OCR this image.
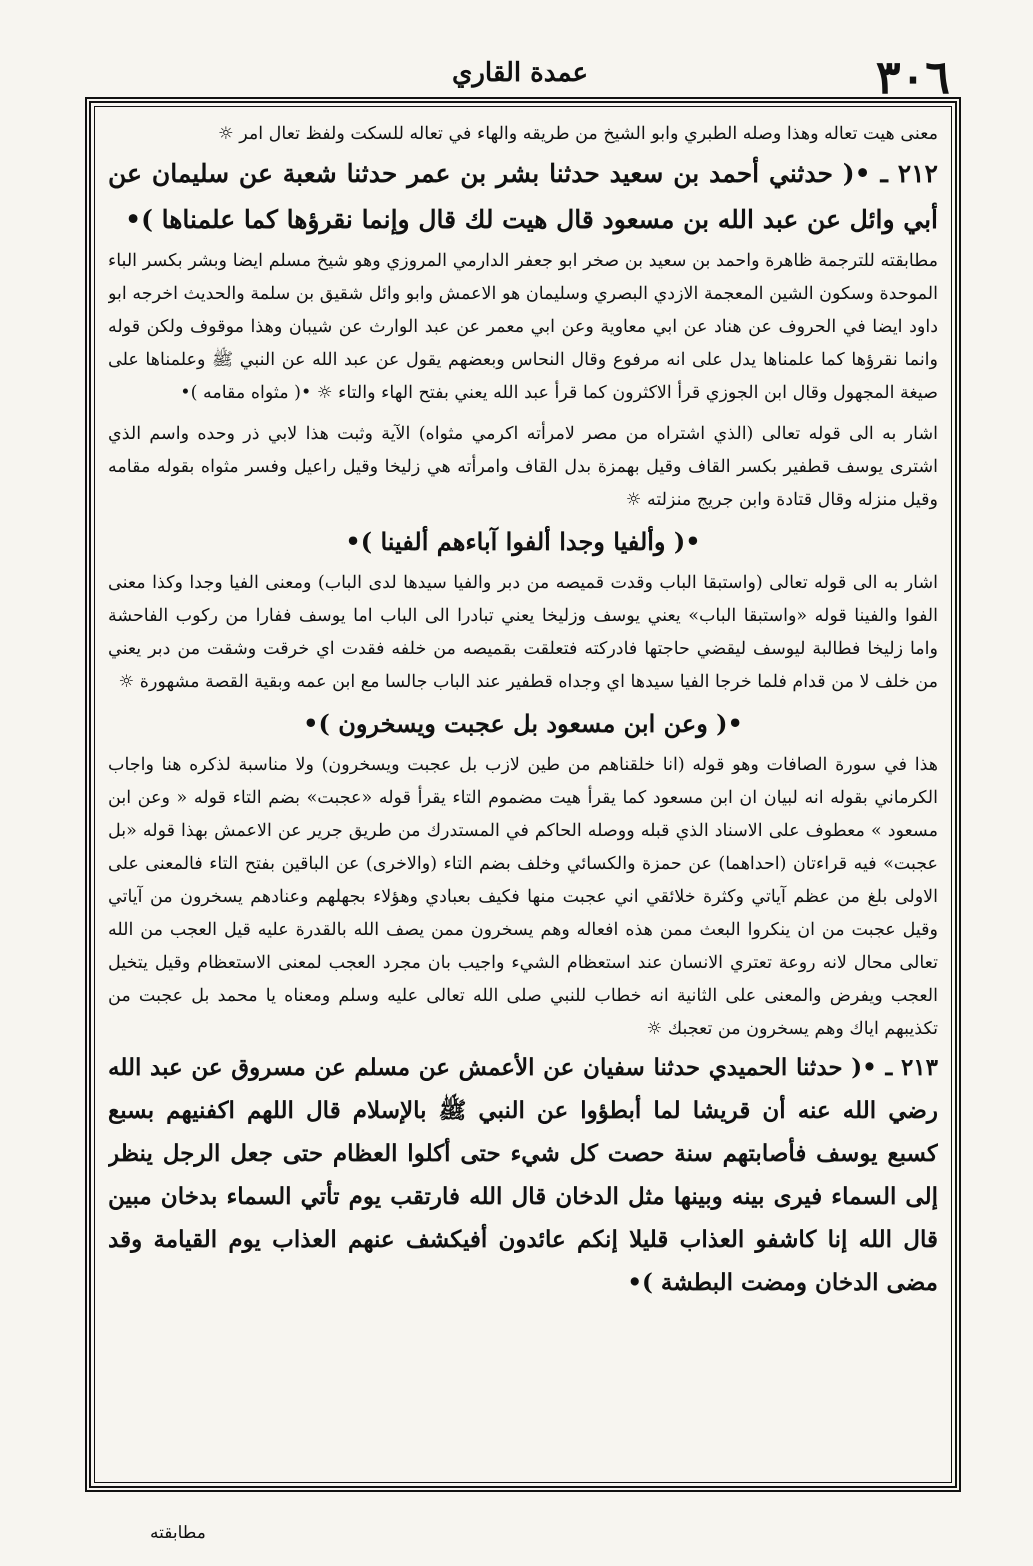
٣٠٦
عمدة القاري

معنى هيت تعاله وهذا وصله الطبري وابو الشيخ من طريقه والهاء في تعاله للسكت ولفظ تعال امر ☼

٢١٢ ـ •( حدثني أحمد بن سعيد حدثنا بشر بن عمر حدثنا شعبة عن سليمان عن أبي وائل عن عبد الله بن مسعود قال هيت لك قال وإنما نقرؤها كما علمناها )•

مطابقته للترجمة ظاهرة واحمد بن سعيد بن صخر ابو جعفر الدارمي المروزي وهو شيخ مسلم ايضا وبشر بكسر الباء الموحدة وسكون الشين المعجمة الازدي البصري وسليمان هو الاعمش وابو وائل شقيق بن سلمة والحديث اخرجه ابو داود ايضا في الحروف عن هناد عن ابي معاوية وعن ابي معمر عن عبد الوارث عن شيبان وهذا موقوف ولكن قوله وانما نقرؤها كما علمناها يدل على انه مرفوع وقال النحاس وبعضهم يقول عن عبد الله عن النبي ﷺ وعلمناها على صيغة المجهول وقال ابن الجوزي قرأ الاكثرون كما قرأ عبد الله يعني بفتح الهاء والتاء ☼ •( مثواه مقامه )•

اشار به الى قوله تعالى (الذي اشتراه من مصر لامرأته اكرمي مثواه) الآية وثبت هذا لابي ذر وحده واسم الذي اشترى يوسف قطفير بكسر القاف وقيل بهمزة بدل القاف وامرأته هي زليخا وقيل راعيل وفسر مثواه بقوله مقامه وقيل منزله وقال قتادة وابن جريج منزلته ☼

•( وألفيا وجدا ألفوا آباءهم ألفينا )•

اشار به الى قوله تعالى (واستبقا الباب وقدت قميصه من دبر والفيا سيدها لدى الباب) ومعنى الفيا وجدا وكذا معنى الفوا والفينا قوله «واستبقا الباب» يعني يوسف وزليخا يعني تبادرا الى الباب اما يوسف ففارا من ركوب الفاحشة واما زليخا فطالبة ليوسف ليقضي حاجتها فادركته فتعلقت بقميصه من خلفه فقدت اي خرقت وشقت من دبر يعني من خلف لا من قدام فلما خرجا الفيا سيدها اي وجداه قطفير عند الباب جالسا مع ابن عمه وبقية القصة مشهورة ☼

•( وعن ابن مسعود بل عجبت ويسخرون )•

هذا في سورة الصافات وهو قوله (انا خلقناهم من طين لازب بل عجبت ويسخرون) ولا مناسبة لذكره هنا واجاب الكرماني بقوله انه لبيان ان ابن مسعود كما يقرأ هيت مضموم التاء يقرأ قوله «عجبت» بضم التاء قوله « وعن ابن مسعود » معطوف على الاسناد الذي قبله ووصله الحاكم في المستدرك من طريق جرير عن الاعمش بهذا قوله «بل عجبت» فيه قراءتان (احداهما) عن حمزة والكسائي وخلف بضم التاء (والاخرى) عن الباقين بفتح التاء فالمعنى على الاولى بلغ من عظم آياتي وكثرة خلائقي اني عجبت منها فكيف بعبادي وهؤلاء بجهلهم وعنادهم يسخرون من آياتي وقيل عجبت من ان ينكروا البعث ممن هذه افعاله وهم يسخرون ممن يصف الله بالقدرة عليه قيل العجب من الله تعالى محال لانه روعة تعتري الانسان عند استعظام الشيء واجيب بان مجرد العجب لمعنى الاستعظام وقيل يتخيل العجب ويفرض والمعنى على الثانية انه خطاب للنبي صلى الله تعالى عليه وسلم ومعناه يا محمد بل عجبت من تكذيبهم اياك وهم يسخرون من تعجبك ☼

٢١٣ ـ •( حدثنا الحميدي حدثنا سفيان عن الأعمش عن مسلم عن مسروق عن عبد الله رضي الله عنه أن قريشا لما أبطؤوا عن النبي ﷺ بالإسلام قال اللهم اكفنيهم بسبع كسبع يوسف فأصابتهم سنة حصت كل شيء حتى أكلوا العظام حتى جعل الرجل ينظر إلى السماء فيرى بينه وبينها مثل الدخان قال الله فارتقب يوم تأتي السماء بدخان مبين قال الله إنا كاشفو العذاب قليلا إنكم عائدون أفيكشف عنهم العذاب يوم القيامة وقد مضى الدخان ومضت البطشة )•

مطابقته
